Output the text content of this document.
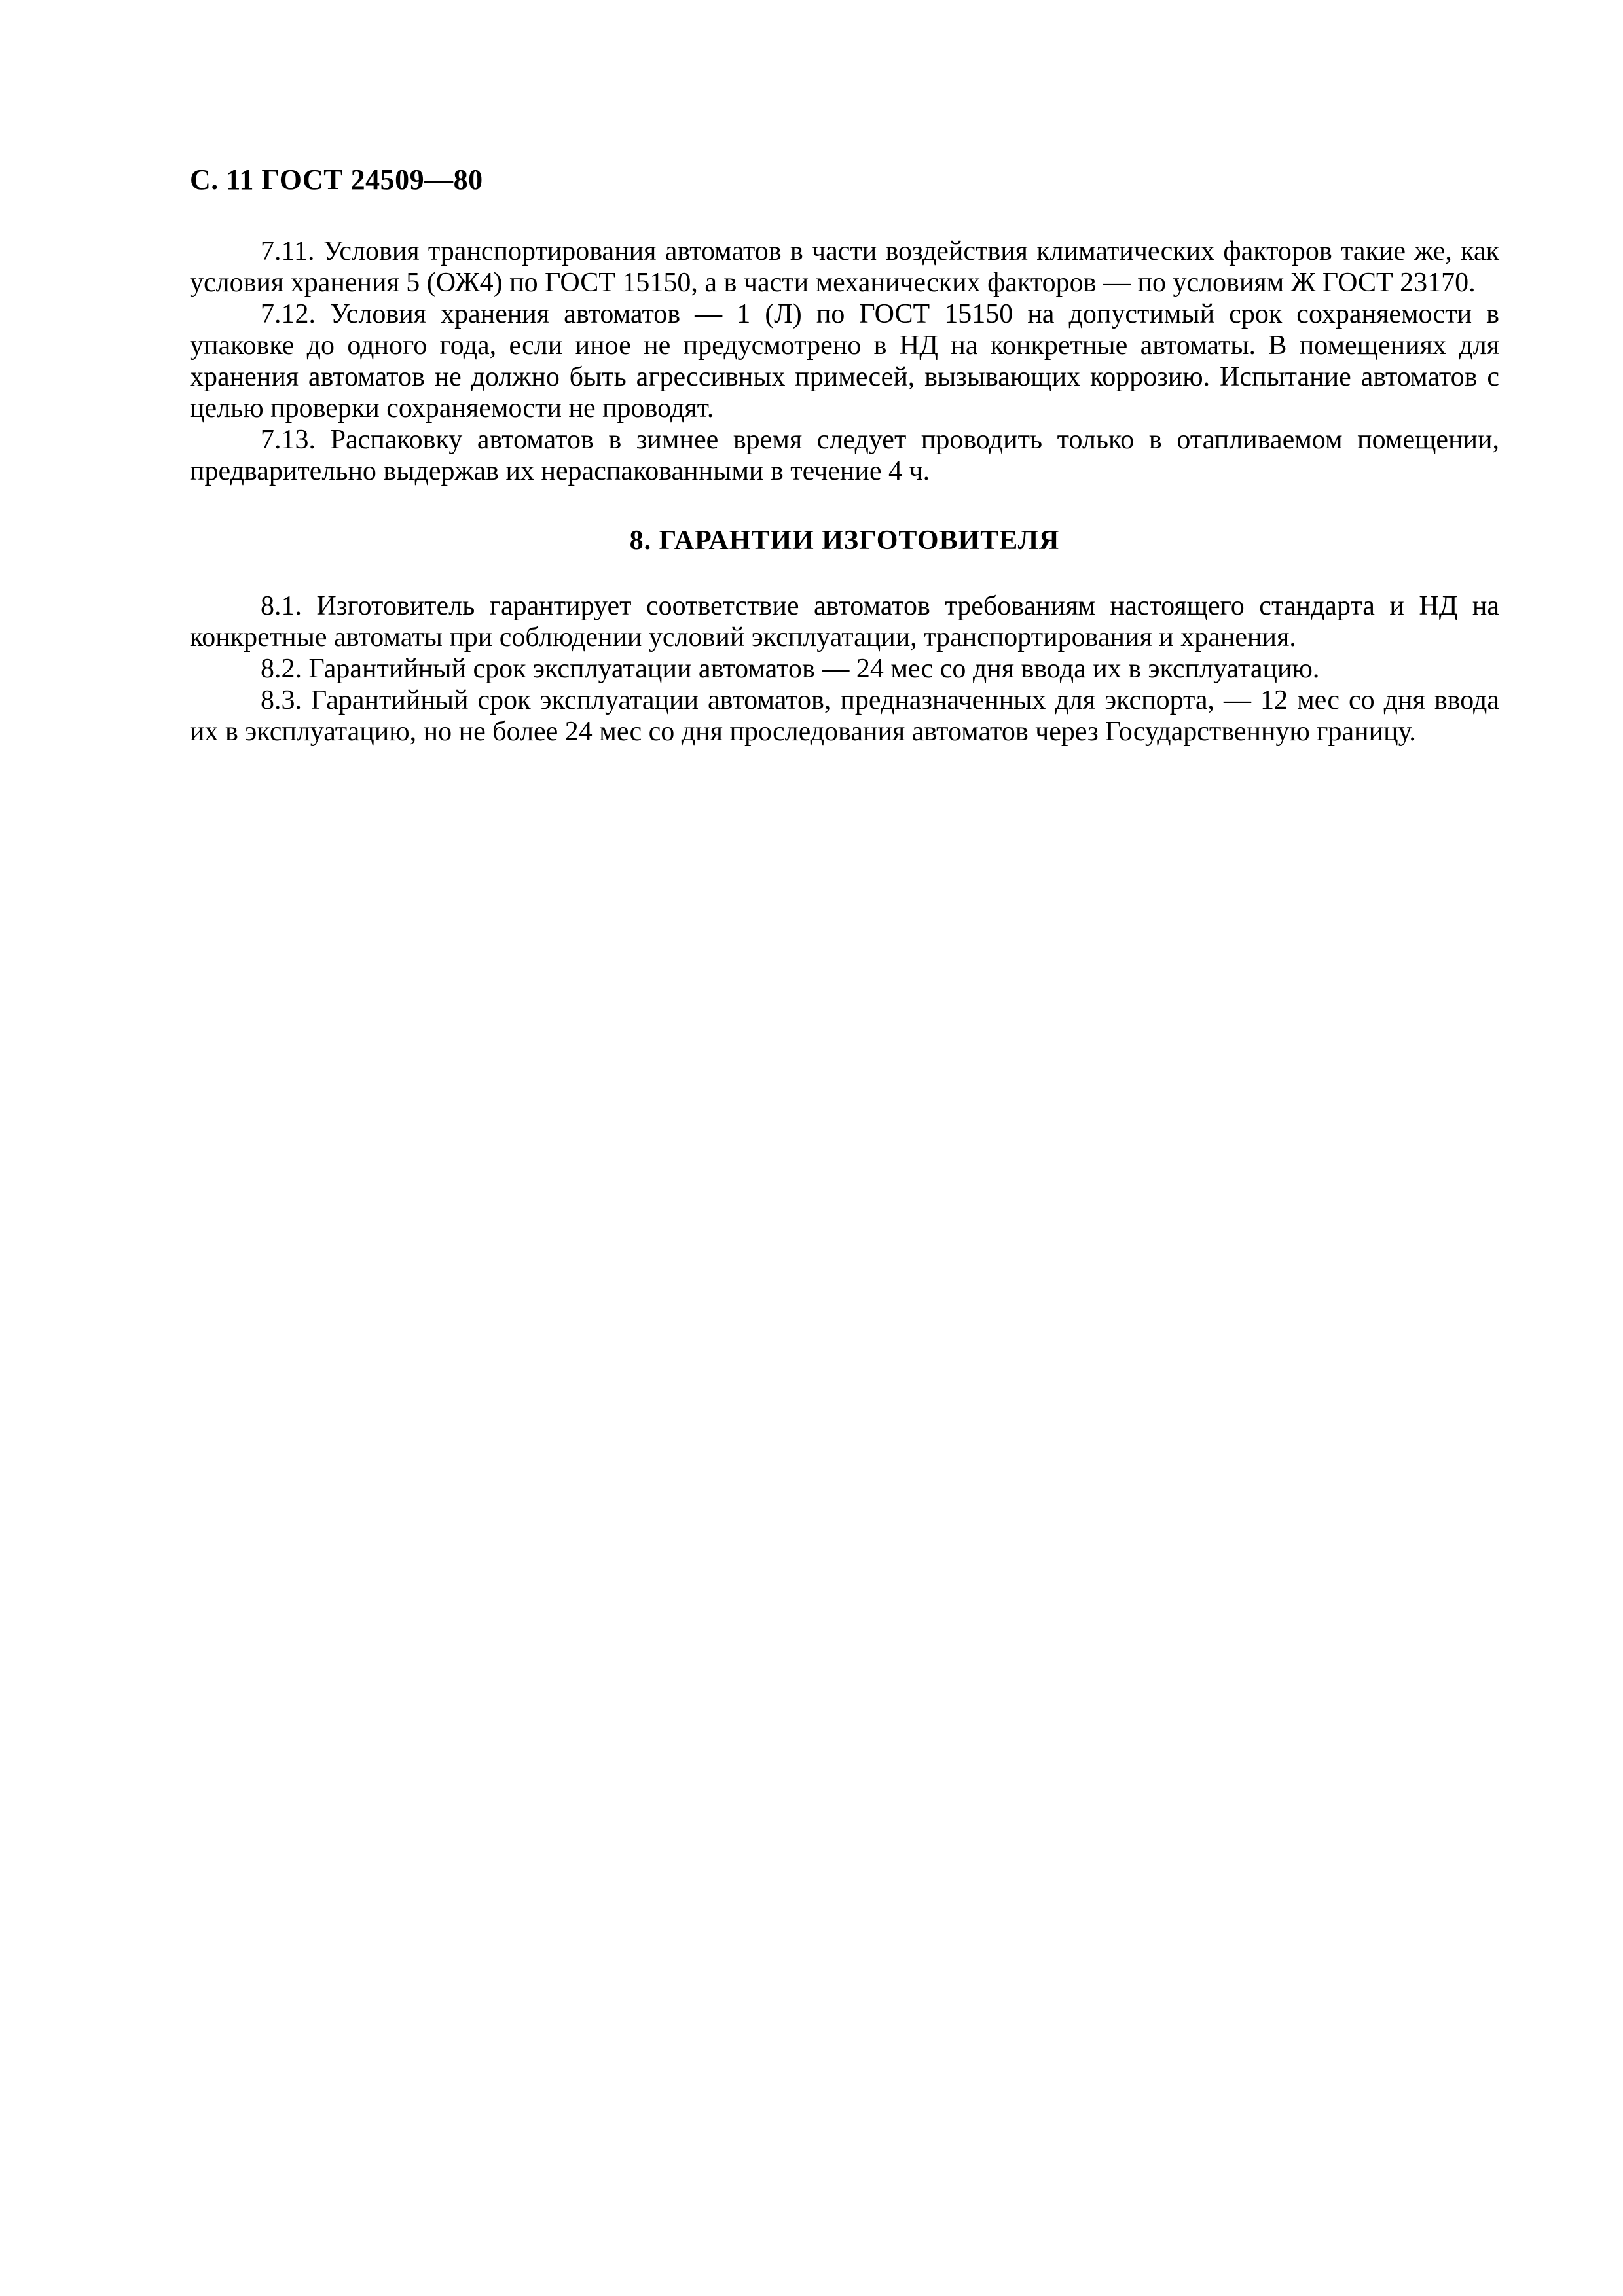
С. 11 ГОСТ 24509—80

7.11. Условия транспортирования автоматов в части воздействия климатических факторов такие же, как условия хранения 5 (ОЖ4) по ГОСТ 15150, а в части механических факторов — по условиям Ж ГОСТ 23170.

7.12. Условия хранения автоматов — 1 (Л) по ГОСТ 15150 на допустимый срок сохраняемости в упаковке до одного года, если иное не предусмотрено в НД на конкретные автоматы. В помещениях для хранения автоматов не должно быть агрессивных примесей, вызывающих коррозию. Испытание автоматов с целью проверки сохраняемости не проводят.

7.13. Распаковку автоматов в зимнее время следует проводить только в отапливаемом помещении, предварительно выдержав их нераспакованными в течение 4 ч.

8. ГАРАНТИИ ИЗГОТОВИТЕЛЯ

8.1. Изготовитель гарантирует соответствие автоматов требованиям настоящего стандарта и НД на конкретные автоматы при соблюдении условий эксплуатации, транспортирования и хранения.

8.2. Гарантийный срок эксплуатации автоматов — 24 мес со дня ввода их в эксплуатацию.

8.3. Гарантийный срок эксплуатации автоматов, предназначенных для экспорта, — 12 мес со дня ввода их в эксплуатацию, но не более 24 мес со дня проследования автоматов через Государственную границу.
